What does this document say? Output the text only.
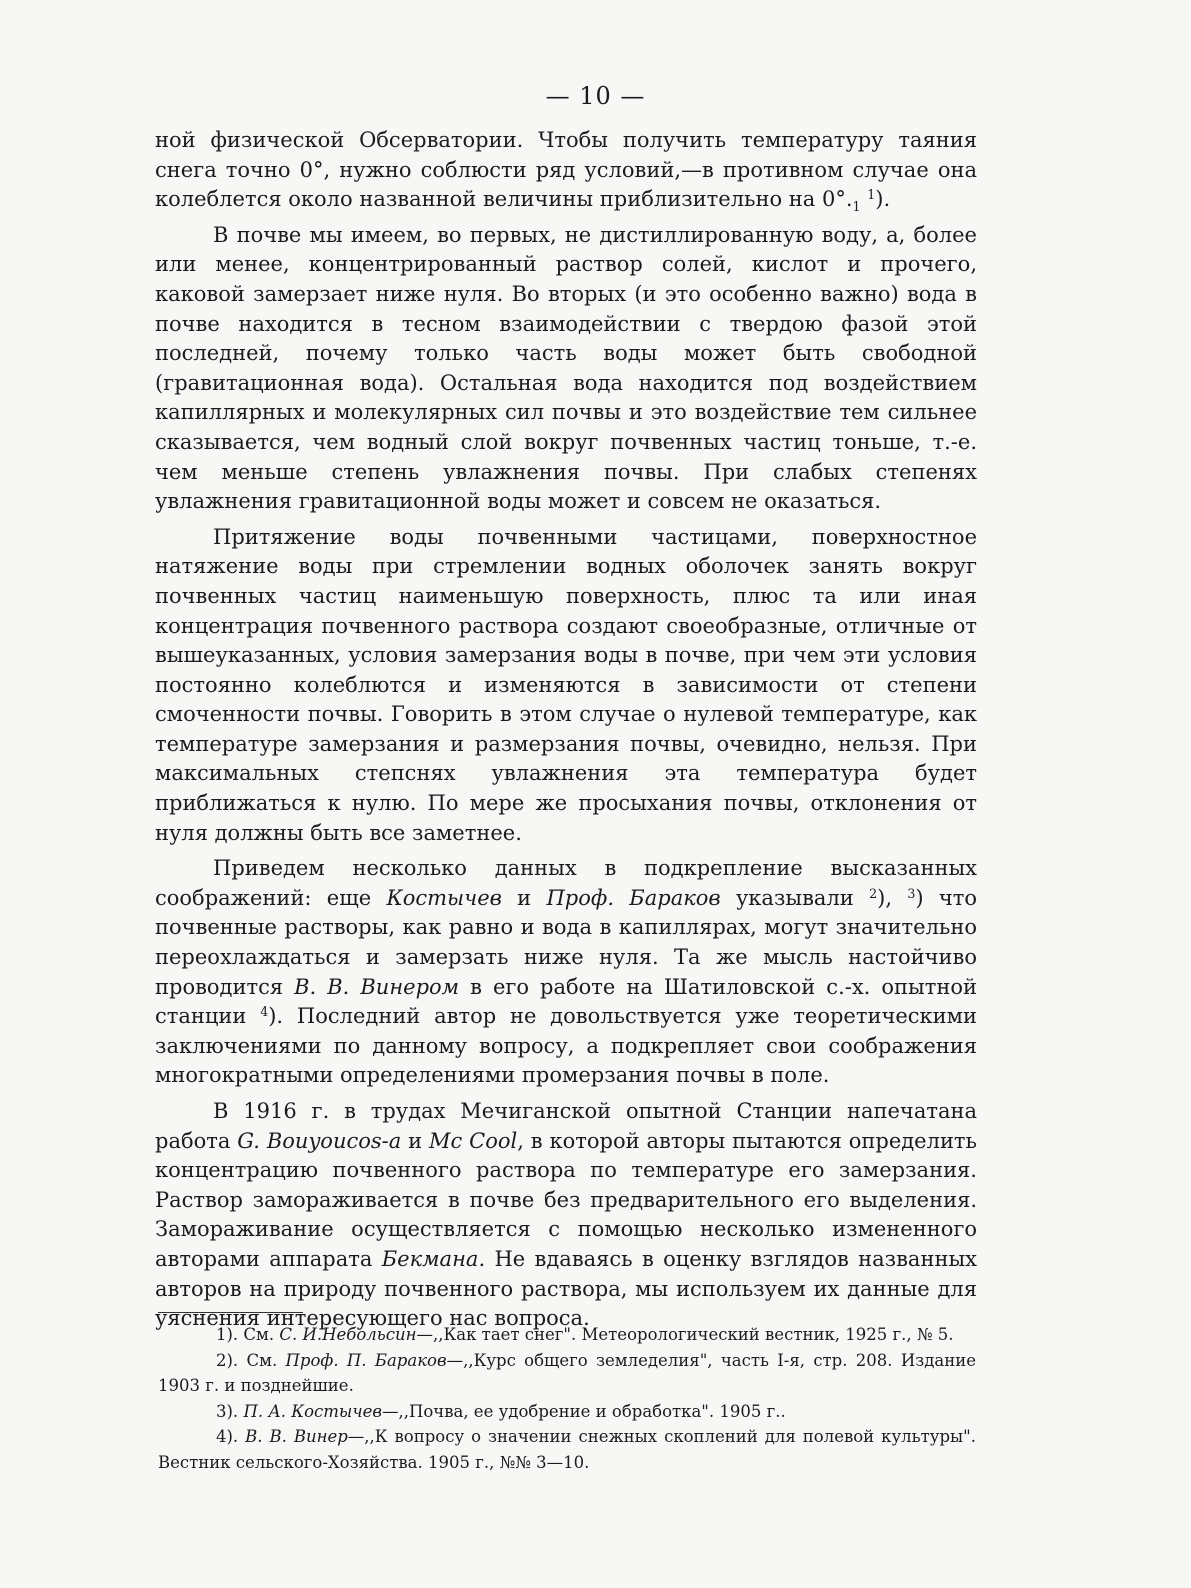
— 10 —

ной физической Обсерватории. Чтобы получить температуру таяния снега точно 0°, нужно соблюсти ряд условий,—в противном случае она колеблется около названной величины приблизительно на $0^\circ._1$ $^1$).

В почве мы имеем, во первых, не дистиллированную воду, а, более или менее, концентрированный раствор солей, кислот и прочего, каковой замерзает ниже нуля. Во вторых (и это особенно важно) вода в почве находится в тесном взаимодействии с твердою фазой этой последней, почему только часть воды может быть свободной (гравитационная вода). Остальная вода находится под воздействием капиллярных и молекулярных сил почвы и это воздействие тем сильнее сказывается, чем водный слой вокруг почвенных частиц тоньше, т.-е. чем меньше степень увлажнения почвы. При слабых степенях увлажнения гравитационной воды может и совсем не оказаться.

Притяжение воды почвенными частицами, поверхностное натяжение воды при стремлении водных оболочек занять вокруг почвенных частиц наименьшую поверхность, плюс та или иная концентрация почвенного раствора создают своеобразные, отличные от вышеуказанных, условия замерзания воды в почве, при чем эти условия постоянно колеблются и изменяются в зависимости от степени смоченности почвы. Говорить в этом случае о нулевой температуре, как температуре замерзания и размерзания почвы, очевидно, нельзя. При максимальных степснях увлажнения эта температура будет приближаться к нулю. По мере же просыхания почвы, отклонения от нуля должны быть все заметнее.

Приведем несколько данных в подкрепление высказанных соображений: еще Костычев и Проф. Бараков указывали $^2$), $^3$) что почвенные растворы, как равно и вода в капиллярах, могут значительно переохлаждаться и замерзать ниже нуля. Та же мысль настойчиво проводится В. В. Винером в его работе на Шатиловской с.-х. опытной станции $^4$). Последний автор не довольствуется уже теоретическими заключениями по данному вопросу, а подкрепляет свои соображения многократными определениями промерзания почвы в поле.

В 1916 г. в трудах Мечиганской опытной Станции напечатана работа G. Bouyoucos-a и Mc Cool, в которой авторы пытаются определить концентрацию почвенного раствора по температуре его замерзания. Раствор замораживается в почве без предварительного его выделения. Замораживание осуществляется с помощью несколько измененного авторами аппарата Бекмана. Не вдаваясь в оценку взглядов названных авторов на природу почвенного раствора, мы используем их данные для уяснения интересующего нас вопроса.

1). См. С. И.Небольсин—,,Как тает снег". Метеорологический вестник, 1925 г., № 5.

2). См. Проф. П. Бараков—,,Курс общего земледелия", часть I-я, стр. 208. Издание 1903 г. и позднейшие.

3). П. А. Костычев—,,Почва, ее удобрение и обработка". 1905 г..

4). В. В. Винер—,,К вопросу о значении снежных скоплений для полевой культуры". Вестник сельского-Хозяйства. 1905 г., №№ 3—10.
